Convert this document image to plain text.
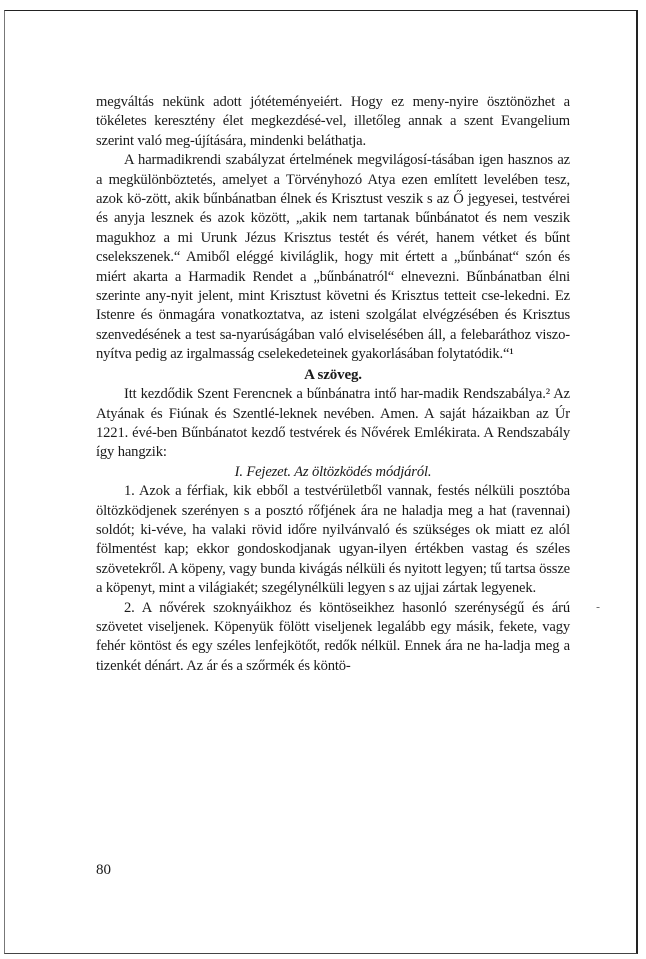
megváltás nekünk adott jótéteményeiért. Hogy ez meny-nyire ösztönözhet a tökéletes keresztény élet megkezdésé-vel, illetőleg annak a szent Evangelium szerint való meg-újítására, mindenki beláthatja.

A harmadikrendi szabályzat értelmének megvilágosí-tásában igen hasznos az a megkülönböztetés, amelyet a Törvényhozó Atya ezen említett levelében tesz, azok kö-zött, akik bűnbánatban élnek és Krisztust veszik s az Ő jegyesei, testvérei és anyja lesznek és azok között, „akik nem tartanak bűnbánatot és nem veszik magukhoz a mi Urunk Jézus Krisztus testét és vérét, hanem vétket és bűnt cselekszenek.“ Amiből eléggé kiviláglik, hogy mit értett a „bűnbánat“ szón és miért akarta a Harmadik Rendet a „bűnbánatról“ elnevezni. Bűnbánatban élni szerinte any-nyit jelent, mint Krisztust követni és Krisztus tetteit cse-lekedni. Ez Istenre és önmagára vonatkoztatva, az isteni szolgálat elvégzésében és Krisztus szenvedésének a test sa-nyarúságában való elviselésében áll, a felebaráthoz viszo-nyítva pedig az irgalmasság cselekedeteinek gyakorlásában folytatódik.“¹

A szöveg.

Itt kezdődik Szent Ferencnek a bűnbánatra intő har-madik Rendszabálya.² Az Atyának és Fiúnak és Szentlé-leknek nevében. Amen. A saját házaikban az Úr 1221. évé-ben Bűnbánatot kezdő testvérek és Nővérek Emlékirata. A Rendszabály így hangzik:

I. Fejezet. Az öltözködés módjáról.

1. Azok a férfiak, kik ebből a testvérületből vannak, festés nélküli posztóba öltözködjenek szerényen s a posztó rőfjének ára ne haladja meg a hat (ravennai) soldót; ki-véve, ha valaki rövid időre nyilvánvaló és szükséges ok miatt ez alól fölmentést kap; ekkor gondoskodjanak ugyan-ilyen értékben vastag és széles szövetekről. A köpeny, vagy bunda kivágás nélküli és nyitott legyen; tű tartsa össze a köpenyt, mint a világiakét; szegélynélküli legyen s az ujjai zártak legyenek.

2. A nővérek szoknyáikhoz és köntöseikhez hasonló szerénységű és árú szövetet viseljenek. Köpenyük fölött viseljenek legalább egy másik, fekete, vagy fehér köntöst és egy széles lenfejkötőt, redők nélkül. Ennek ára ne ha-ladja meg a tizenkét dénárt. Az ár és a szőrmék és köntö-

-
80
